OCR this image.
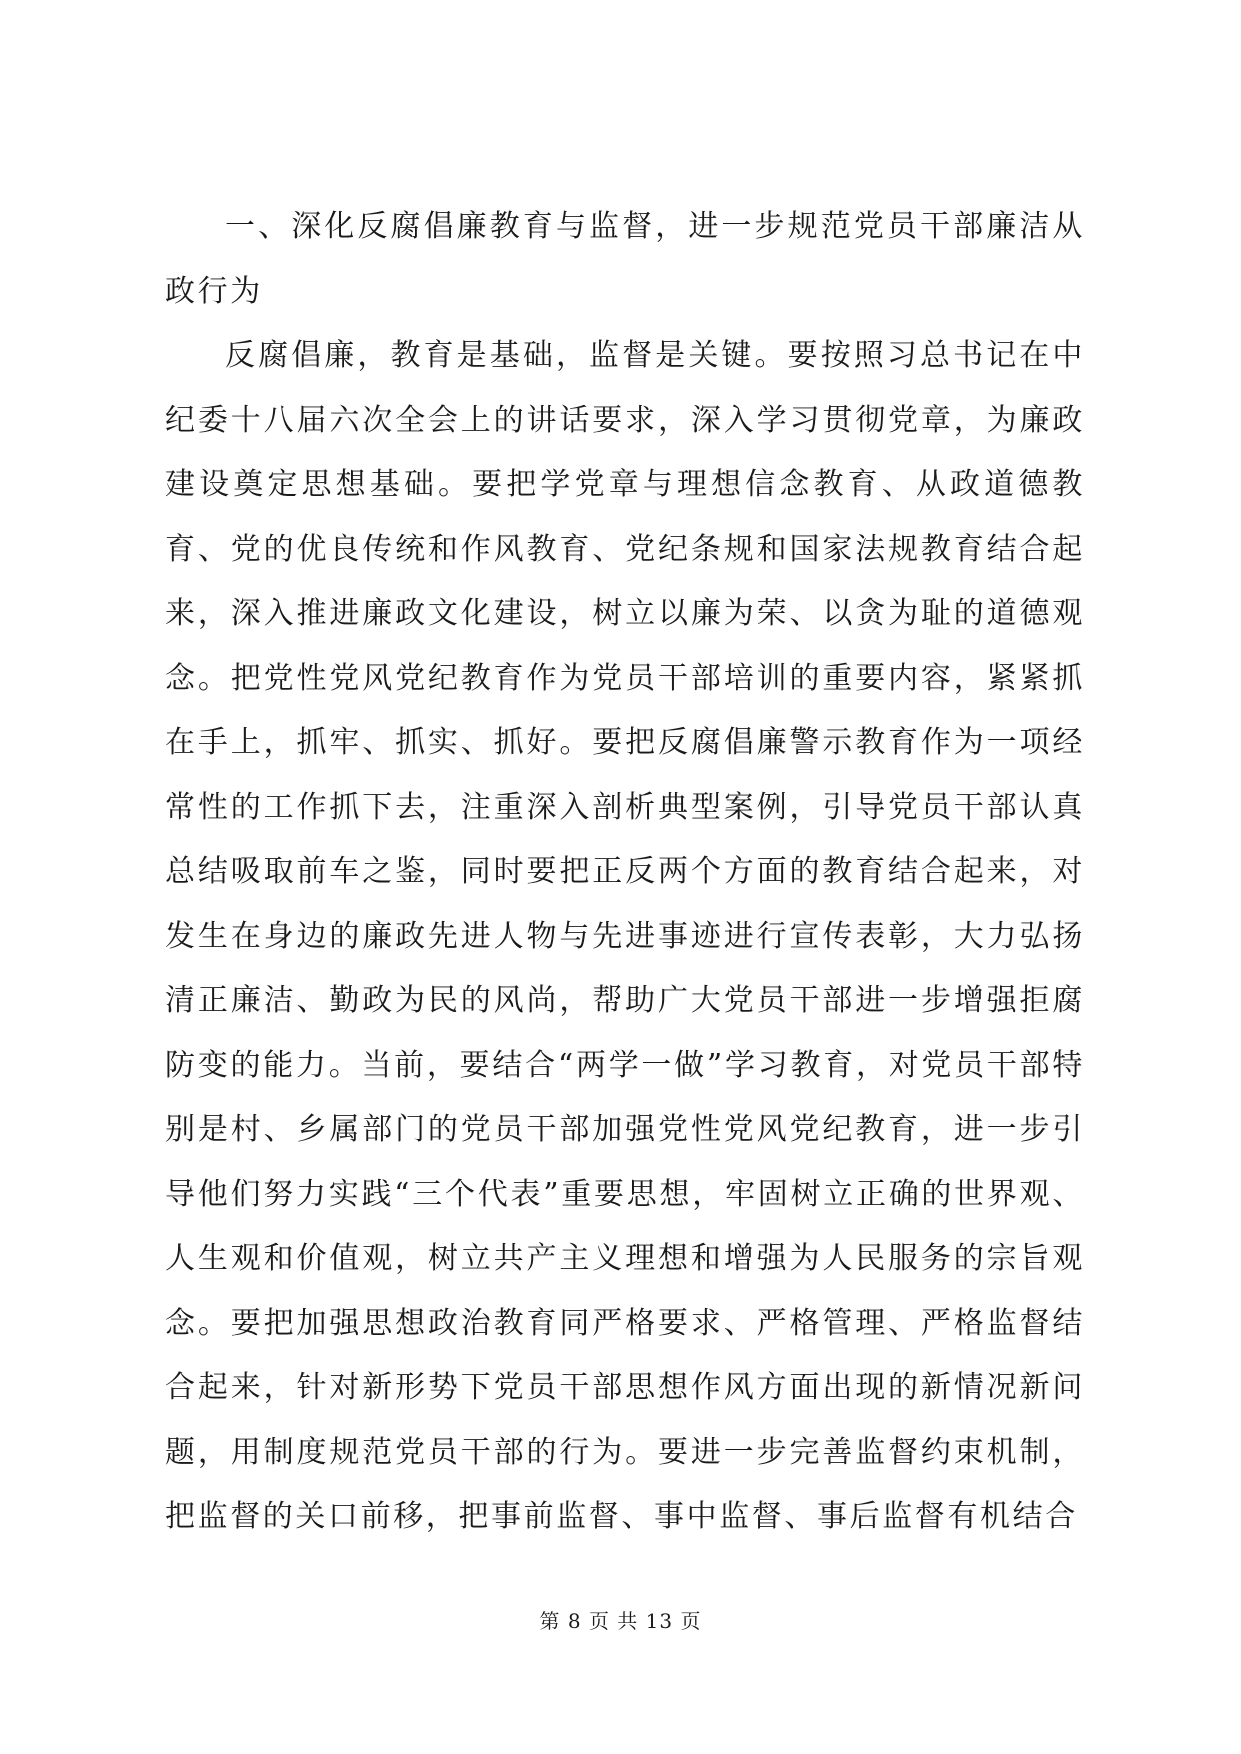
一、深化反腐倡廉教育与监督，进一步规范党员干部廉洁从政行为

反腐倡廉，教育是基础，监督是关键。要按照习总书记在中纪委十八届六次全会上的讲话要求，深入学习贯彻党章，为廉政建设奠定思想基础。要把学党章与理想信念教育、从政道德教育、党的优良传统和作风教育、党纪条规和国家法规教育结合起来，深入推进廉政文化建设，树立以廉为荣、以贪为耻的道德观念。把党性党风党纪教育作为党员干部培训的重要内容，紧紧抓在手上，抓牢、抓实、抓好。要把反腐倡廉警示教育作为一项经常性的工作抓下去，注重深入剖析典型案例，引导党员干部认真总结吸取前车之鉴，同时要把正反两个方面的教育结合起来，对发生在身边的廉政先进人物与先进事迹进行宣传表彰，大力弘扬清正廉洁、勤政为民的风尚，帮助广大党员干部进一步增强拒腐防变的能力。当前，要结合“两学一做”学习教育，对党员干部特别是村、乡属部门的党员干部加强党性党风党纪教育，进一步引导他们努力实践“三个代表”重要思想，牢固树立正确的世界观、人生观和价值观，树立共产主义理想和增强为人民服务的宗旨观念。要把加强思想政治教育同严格要求、严格管理、严格监督结合起来，针对新形势下党员干部思想作风方面出现的新情况新问题，用制度规范党员干部的行为。要进一步完善监督约束机制，把监督的关口前移，把事前监督、事中监督、事后监督有机结合

第 8 页 共 13 页
